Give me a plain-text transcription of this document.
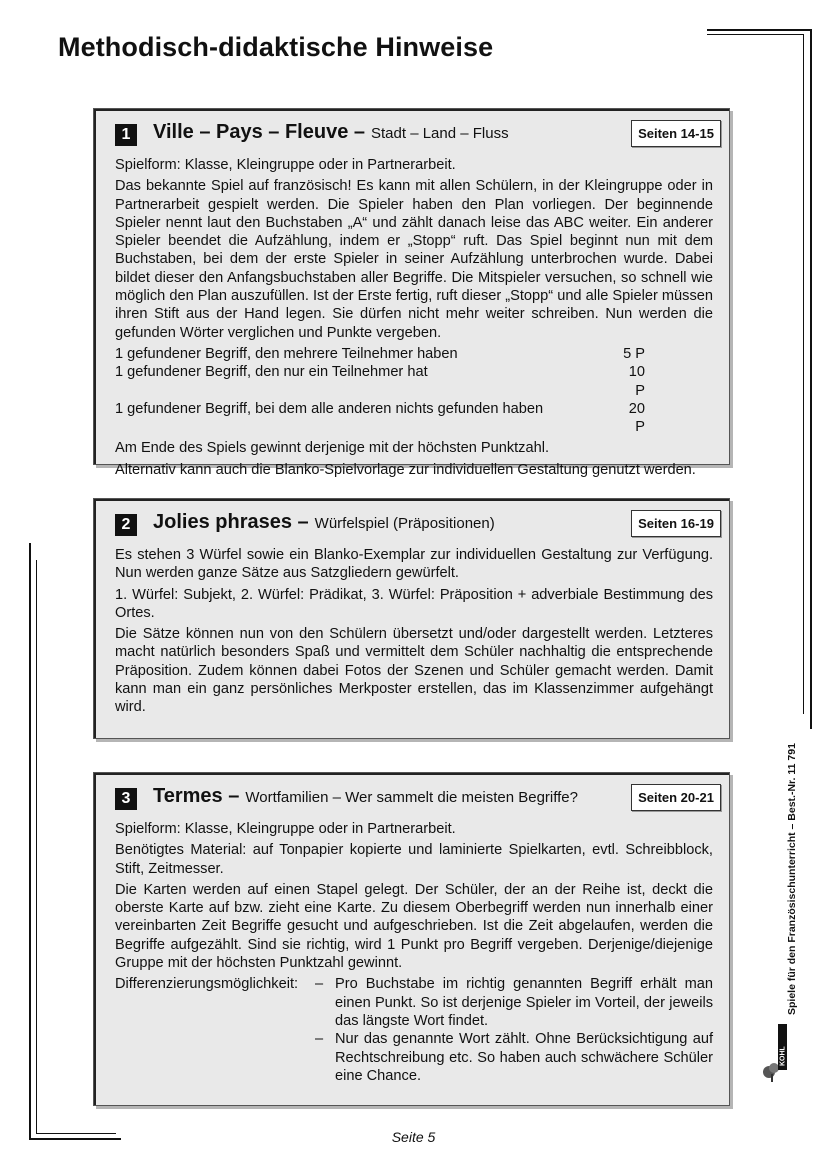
Methodisch-didaktische Hinweise
1	Ville – Pays – Fleuve – Stadt – Land – Fluss	Seiten 14-15

Spielform: Klasse, Kleingruppe oder in Partnerarbeit.

Das bekannte Spiel auf französisch! Es kann mit allen Schülern, in der Kleingruppe oder in Partnerarbeit gespielt werden. Die Spieler haben den Plan vorliegen. Der beginnende Spieler nennt laut den Buchstaben „A“ und zählt danach leise das ABC weiter. Ein anderer Spieler beendet die Aufzählung, indem er „Stopp“ ruft. Das Spiel beginnt nun mit dem Buchstaben, bei dem der erste Spieler in seiner Aufzählung unterbrochen wurde. Dabei bildet dieser den Anfangsbuchstaben aller Begriffe. Die Mitspieler versuchen, so schnell wie möglich den Plan auszufüllen. Ist der Erste fertig, ruft dieser „Stopp“ und alle Spieler müssen ihren Stift aus der Hand legen. Sie dürfen nicht mehr weiter schreiben. Nun werden die gefunden Wörter verglichen und Punkte vergeben.

1 gefundener Begriff, den mehrere Teilnehmer haben	5 P
1 gefundener Begriff, den nur ein Teilnehmer hat	10 P
1 gefundener Begriff, bei dem alle anderen nichts gefunden haben	20 P

Am Ende des Spiels gewinnt derjenige mit der höchsten Punktzahl.

Alternativ kann auch die Blanko-Spielvorlage zur individuellen Gestaltung genutzt werden.

2	Jolies phrases – Würfelspiel (Präpositionen)	Seiten 16-19

Es stehen 3 Würfel sowie ein Blanko-Exemplar zur individuellen Gestaltung zur Verfügung. Nun werden ganze Sätze aus Satzgliedern gewürfelt.

1. Würfel: Subjekt, 2. Würfel: Prädikat, 3. Würfel: Präposition + adverbiale Bestimmung des Ortes.

Die Sätze können nun von den Schülern übersetzt und/oder dargestellt werden. Letzteres macht natürlich besonders Spaß und vermittelt dem Schüler nachhaltig die entsprechende Präposition. Zudem können dabei Fotos der Szenen und Schüler gemacht werden. Damit kann man ein ganz persönliches Merkposter erstellen, das im Klassenzimmer aufgehängt wird.

3	Termes – Wortfamilien – Wer sammelt die meisten Begriffe?	Seiten 20-21

Spielform: Klasse, Kleingruppe oder in Partnerarbeit.

Benötigtes Material: auf Tonpapier kopierte und laminierte Spielkarten, evtl. Schreibblock, Stift, Zeitmesser.

Die Karten werden auf einen Stapel gelegt. Der Schüler, der an der Reihe ist, deckt die oberste Karte auf bzw. zieht eine Karte. Zu diesem Oberbegriff werden nun innerhalb einer vereinbarten Zeit Begriffe gesucht und aufgeschrieben. Ist die Zeit abgelaufen, werden die Begriffe aufgezählt. Sind sie richtig, wird 1 Punkt pro Begriff vergeben. Derjenige/diejenige Gruppe mit der höchsten Punktzahl gewinnt.

Differenzierungsmöglichkeit:	– Pro Buchstabe im richtig genannten Begriff erhält man einen Punkt. So ist derjenige Spieler im Vorteil, der jeweils das längste Wort findet.
– Nur das genannte Wort zählt. Ohne Berücksichtigung auf Rechtschreibung etc. So haben auch schwächere Schüler eine Chance.
Spiele für den Französischunterricht – Best.-Nr. 11 791
KOHL
Seite 5
